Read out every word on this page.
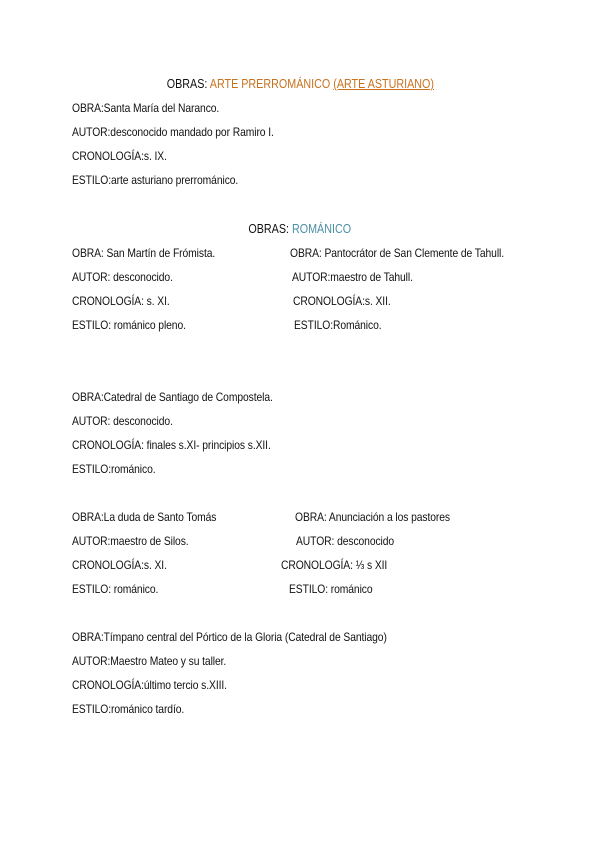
OBRAS: ARTE PRERROMÁNICO (ARTE ASTURIANO)
OBRA:Santa María del Naranco.
AUTOR:desconocido mandado por Ramiro I.
CRONOLOGÍA:s. IX.
ESTILO:arte asturiano prerrománico.
OBRAS: ROMÁNICO
OBRA: San Martín de Frómista.
AUTOR: desconocido.
CRONOLOGÍA: s. XI.
ESTILO: románico pleno.
OBRA: Pantocrátor de San Clemente de Tahull.
AUTOR:maestro de Tahull.
CRONOLOGÍA:s. XII.
ESTILO:Románico.
OBRA:Catedral de Santiago de Compostela.
AUTOR: desconocido.
CRONOLOGÍA: finales s.XI- principios s.XII.
ESTILO:románico.
OBRA:La duda de Santo Tomás
AUTOR:maestro de Silos.
CRONOLOGÍA:s. XI.
ESTILO: románico.
OBRA: Anunciación a los pastores
AUTOR: desconocido
CRONOLOGÍA: ⅓ s XII
ESTILO: románico
OBRA:Tímpano central del Pórtico de la Gloria (Catedral de Santiago)
AUTOR:Maestro Mateo y su taller.
CRONOLOGÍA:último tercio s.XIII.
ESTILO:románico tardío.
